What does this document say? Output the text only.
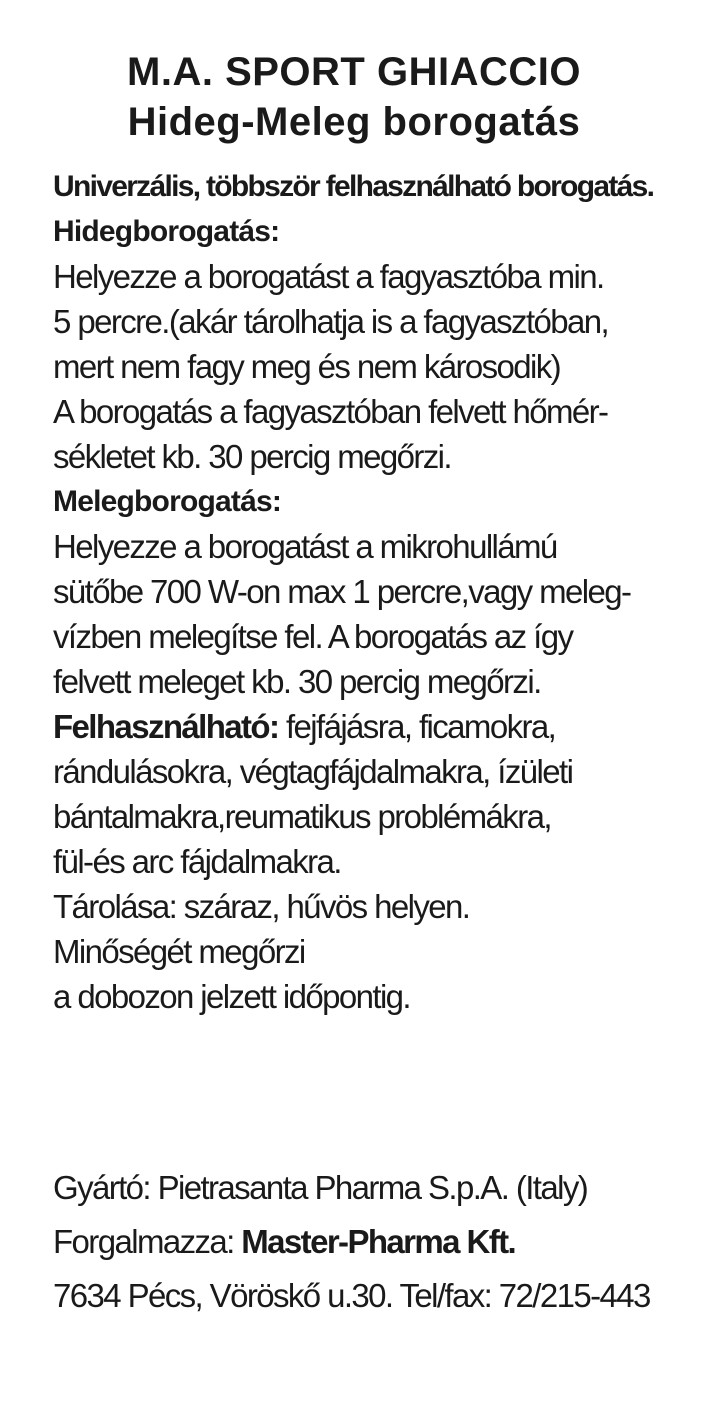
M.A. SPORT GHIACCIO
Hideg-Meleg borogatás
Univerzális, többször felhasználható borogatás.
Hidegborogatás:
Helyezze a borogatást a fagyasztóba min.
5 percre.(akár tárolhatja is a fagyasztóban,
mert nem fagy meg és nem károsodik)
A borogatás a fagyasztóban felvett hőmér-
sékletet kb. 30 percig megőrzi.
Melegborogatás:
Helyezze a borogatást a mikrohullámú
sütőbe 700 W-on max 1 percre,vagy meleg-
vízben melegítse fel. A borogatás az így
felvett meleget kb. 30 percig megőrzi.
Felhasználható: fejfájásra, ficamokra,
rándulásokra, végtagfájdalmakra, ízületi
bántalmakra,reumatikus problémákra,
fül-és arc fájdalmakra.
Tárolása: száraz, hűvös helyen.
Minőségét megőrzi
a dobozon jelzett időpontig.
Gyártó: Pietrasanta Pharma S.p.A. (Italy)
Forgalmazza: Master-Pharma Kft.
7634 Pécs, Vöröskő u.30. Tel/fax: 72/215-443
